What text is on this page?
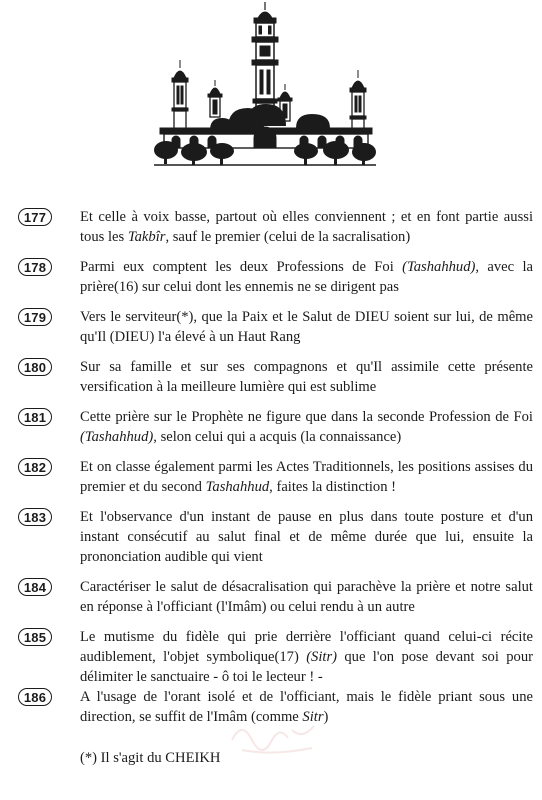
177	Et celle à voix basse, partout où elles conviennent ; et en font partie aussi tous les Takbîr, sauf le premier (celui de la sacralisation)
178	Parmi eux comptent les deux Professions de Foi (Tashahhud), avec la prière(16) sur celui dont les ennemis ne se dirigent pas
179	Vers le serviteur(*), que la Paix et le Salut de DIEU soient sur lui, de même qu'Il (DIEU) l'a élevé à un Haut Rang
180	Sur sa famille et sur ses compagnons et qu'Il assimile cette présente versification à la meilleure lumière qui est sublime
181	Cette prière sur le Prophète ne figure que dans la seconde Profession de Foi (Tashahhud), selon celui qui a acquis (la connaissance)
182	Et on classe également parmi les Actes Traditionnels, les positions assises du premier et du second Tashahhud, faites la distinction !
183	Et l'observance d'un instant de pause en plus dans toute posture et d'un instant consécutif au salut final et de même durée que lui, ensuite la prononciation audible qui vient
184	Caractériser le salut de désacralisation qui parachève la prière et notre salut en réponse à l'officiant (l'Imâm) ou celui rendu à un autre
185	Le mutisme du fidèle qui prie derrière l'officiant quand celui-ci récite audiblement, l'objet symbolique(17) (Sitr) que l'on pose devant soi pour délimiter le sanctuaire - ô toi le lecteur ! -
186	A l'usage de l'orant isolé et de l'officiant, mais le fidèle priant sous une direction, se suffit de l'Imâm (comme Sitr)
(*) Il s'agit du CHEIKH
